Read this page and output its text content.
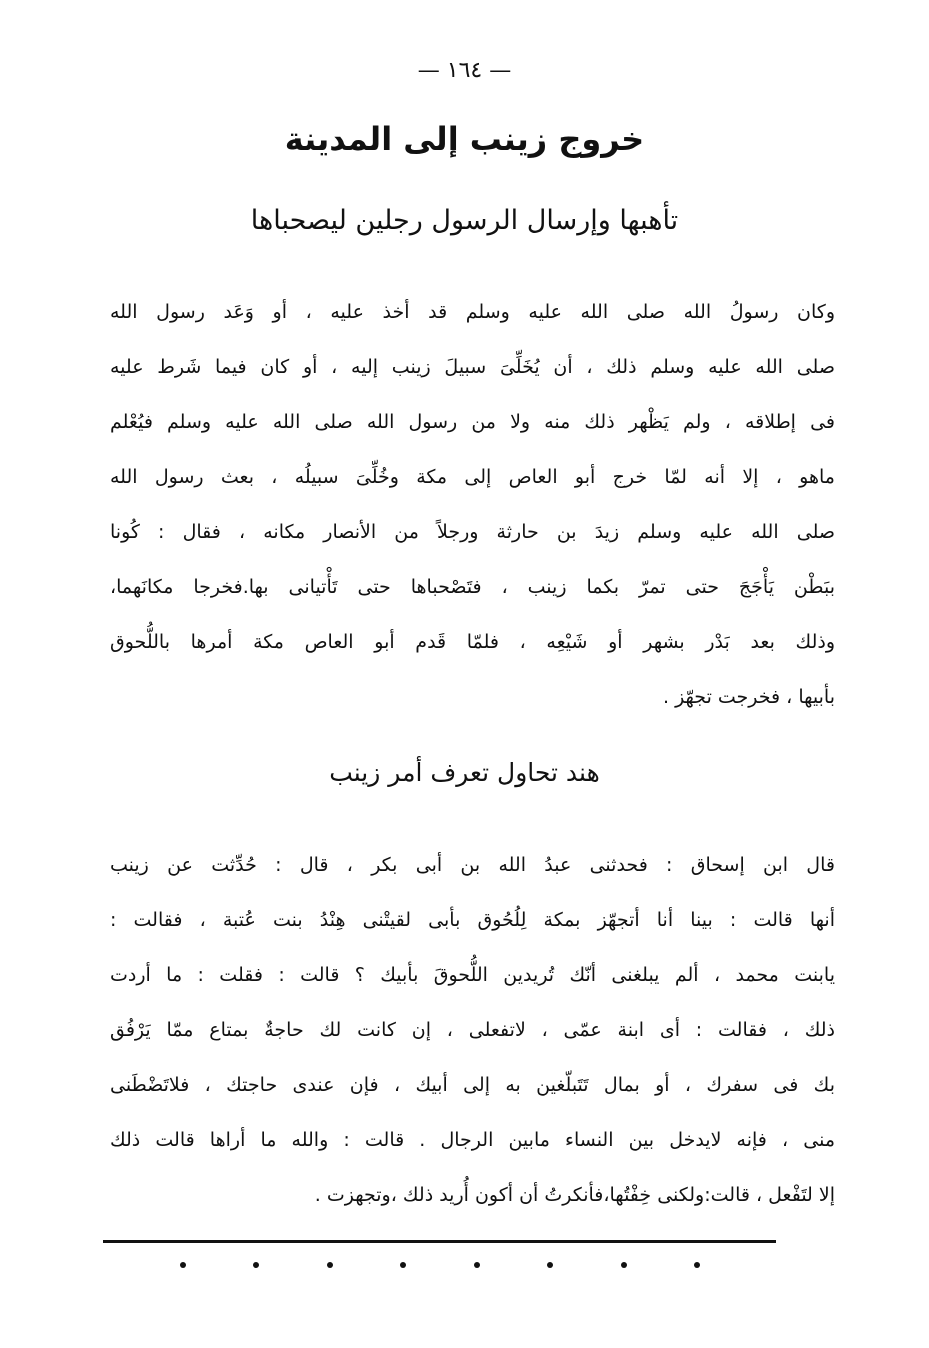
— ١٦٤ —
خروج زينب إلى المدينة
تأهبها وإرسال الرسول رجلين ليصحباها
وكان رسولُ الله صلى الله عليه وسلم قد أخذ عليه ، أو وَعَد رسول الله
صلى الله عليه وسلم ذلك ، أن يُخَلِّىَ سبيلَ زينب إليه ، أو كان فيما شَرط عليه
فى إطلاقه ، ولم يَظْهر ذلك منه ولا من رسول الله صلى الله عليه وسلم فيُعْلم
ماهو ، إلا أنه لمّا خرج أبو العاص إلى مكة وخُلِّىَ سبيلُه ، بعث رسول الله
صلى الله عليه وسلم زيدَ بن حارثة ورجلاً من الأنصار مكانه ، فقال : كُونا
ببَطْن يَأْجَجَ حتى تمرّ بكما زينب ، فتَصْحباها حتى تَأْتيانى بها.فخرجا مكانَهما،
وذلك بعد بَدْر بشهر أو شَيْعِه ، فلمّا قَدم أبو العاص مكة أمرها باللُّحوق
بأبيها ، فخرجت تجهّز .
هند تحاول تعرف أمر زينب
قال ابن إسحاق : فحدثنى عبدُ الله بن أبى بكر ، قال : حُدِّثت عن زينب
أنها قالت : بينا أنا أتجهّز بمكة لِلُحُوق بأبى لقيتْنى هِنْدُ بنت عُتبة ، فقالت :
يابنت محمد ، ألم يبلغنى أنّك تُريدين اللُّحوقَ بأبيك ؟ قالت : فقلت : ما أردت
ذلك ، فقالت : أى ابنة عمّى ، لاتفعلى ، إن كانت لك حاجةٌ بمتاع ممّا يَرْفُق
بك فى سفرك ، أو بمال تَتَبلّغين به إلى أبيك ، فإن عندى حاجتك ، فلاتَضْطَنى
منى ، فإنه لايدخل بين النساء مابين الرجال . قالت : والله ما أراها قالت ذلك
إلا لتَفْعل ، قالت:ولكنى خِفْتُها،فأنكرتُ أن أكون أُريد ذلك ،وتجهزت .
